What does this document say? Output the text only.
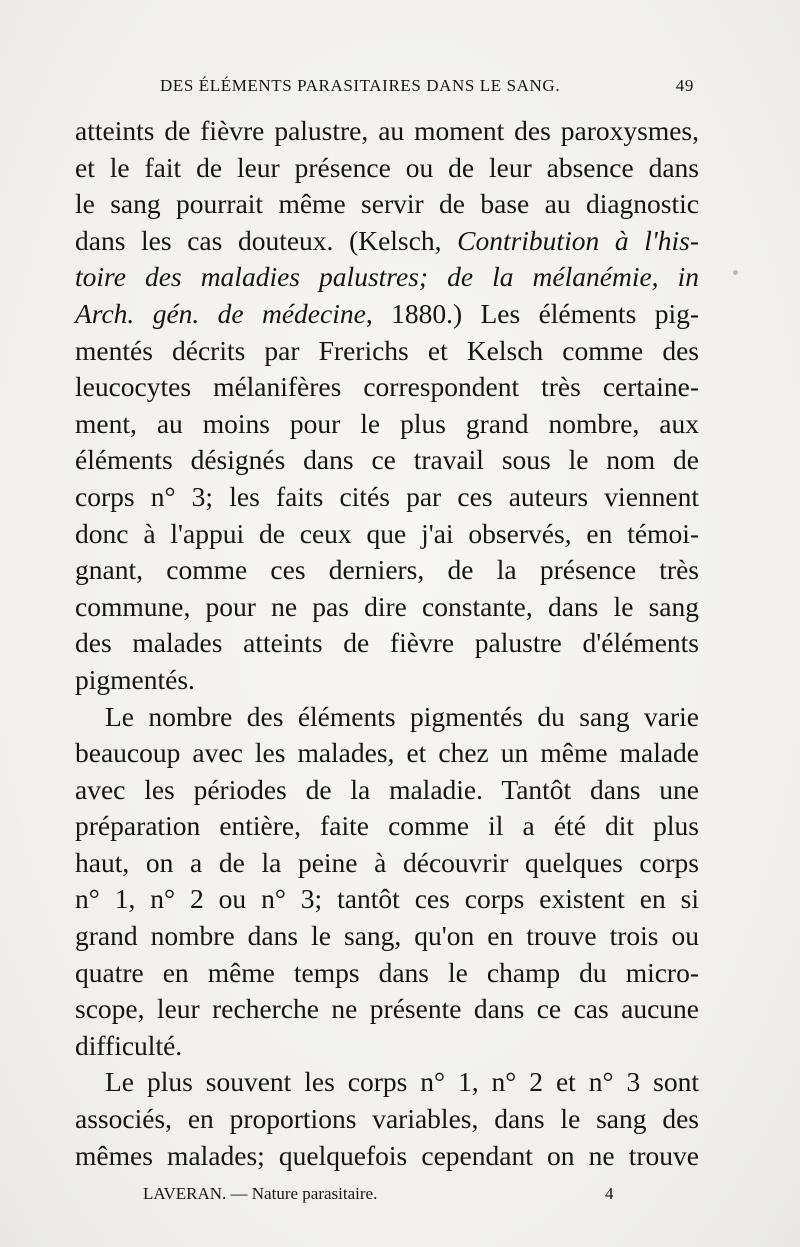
DES ÉLÉMENTS PARASITAIRES DANS LE SANG.	49
atteints de fièvre palustre, au moment des paroxysmes,
et le fait de leur présence ou de leur absence dans
le sang pourrait même servir de base au diagnostic
dans les cas douteux. (Kelsch, Contribution à l'his-
toire des maladies palustres; de la mélanémie, in
Arch. gén. de médecine, 1880.) Les éléments pig-
mentés décrits par Frerichs et Kelsch comme des
leucocytes mélanifères correspondent très certaine-
ment, au moins pour le plus grand nombre, aux
éléments désignés dans ce travail sous le nom de
corps n° 3; les faits cités par ces auteurs viennent
donc à l'appui de ceux que j'ai observés, en témoi-
gnant, comme ces derniers, de la présence très
commune, pour ne pas dire constante, dans le sang
des malades atteints de fièvre palustre d'éléments
pigmentés.
Le nombre des éléments pigmentés du sang varie
beaucoup avec les malades, et chez un même malade
avec les périodes de la maladie. Tantôt dans une
préparation entière, faite comme il a été dit plus
haut, on a de la peine à découvrir quelques corps
n° 1, n° 2 ou n° 3; tantôt ces corps existent en si
grand nombre dans le sang, qu'on en trouve trois ou
quatre en même temps dans le champ du micro-
scope, leur recherche ne présente dans ce cas aucune
difficulté.
Le plus souvent les corps n° 1, n° 2 et n° 3 sont
associés, en proportions variables, dans le sang des
mêmes malades; quelquefois cependant on ne trouve
LAVERAN. — Nature parasitaire.	4
